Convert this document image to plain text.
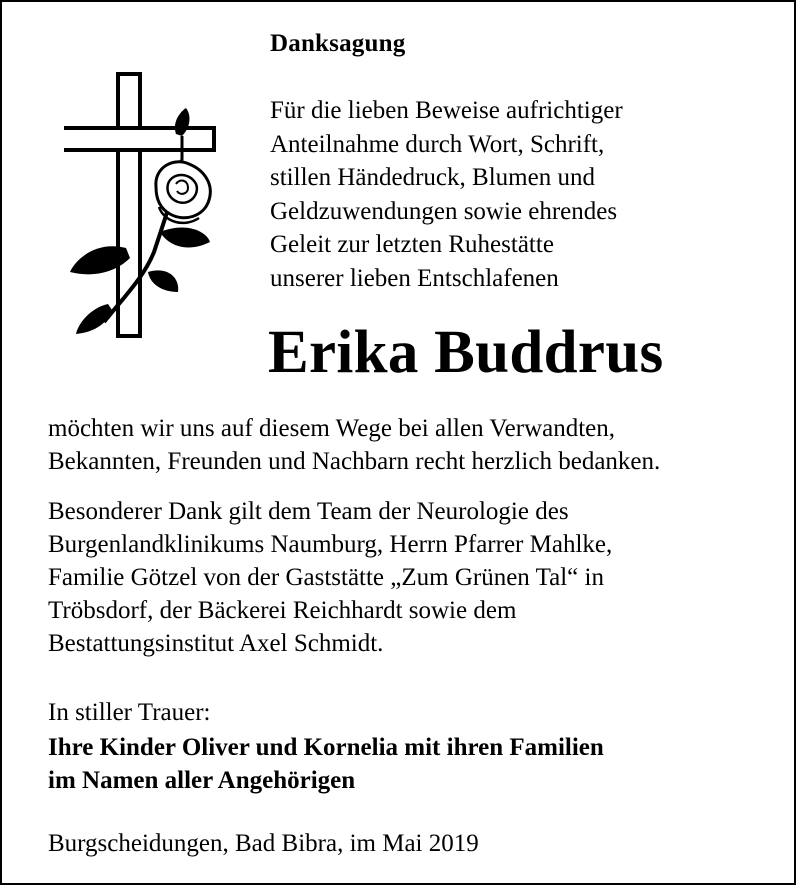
Danksagung
Für die lieben Beweise aufrichtiger
Anteilnahme durch Wort, Schrift,
stillen Händedruck, Blumen und
Geldzuwendungen sowie ehrendes
Geleit zur letzten Ruhestätte
unserer lieben Entschlafenen
Erika Buddrus
möchten wir uns auf diesem Wege bei allen Verwandten,
Bekannten, Freunden und Nachbarn recht herzlich bedanken.
Besonderer Dank gilt dem Team der Neurologie des
Burgenlandklinikums Naumburg, Herrn Pfarrer Mahlke,
Familie Götzel von der Gaststätte „Zum Grünen Tal“ in
Tröbsdorf, der Bäckerei Reichhardt sowie dem
Bestattungsinstitut Axel Schmidt.
In stiller Trauer:
Ihre Kinder Oliver und Kornelia mit ihren Familien
im Namen aller Angehörigen
Burgscheidungen, Bad Bibra, im Mai 2019
